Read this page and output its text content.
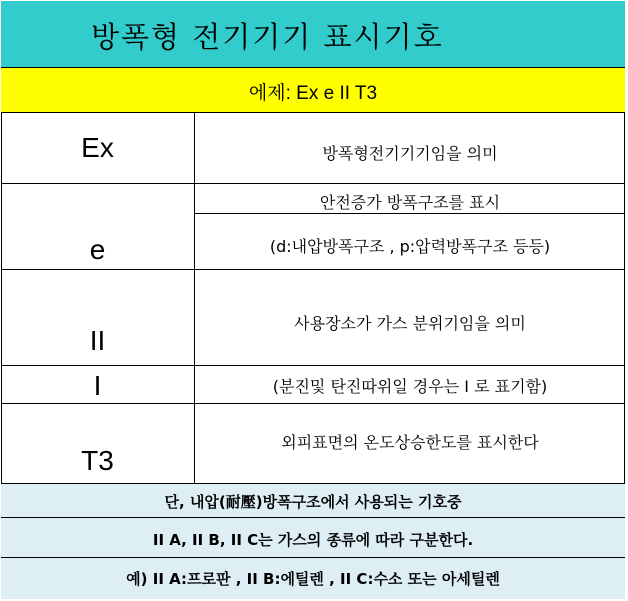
방폭형 전기기기 표시기호
에제: Ex e II T3
Ex	방폭형전기기기임을 의미
e
안전증가 방폭구조를 표시
(d:내압방폭구조 , p:압력방폭구조 등등)
II
사용장소가 가스 분위기임을 의미
I	(분진및 탄진따위일 경우는 I 로 표기함)
T3
외피표면의 온도상승한도를 표시한다
단, 내압(耐壓)방폭구조에서 사용되는 기호중
II A, II B, II C는 가스의 종류에 따라 구분한다.
예) II A:프로판 , II B:에틸렌 , II C:수소 또는 아세틸렌
